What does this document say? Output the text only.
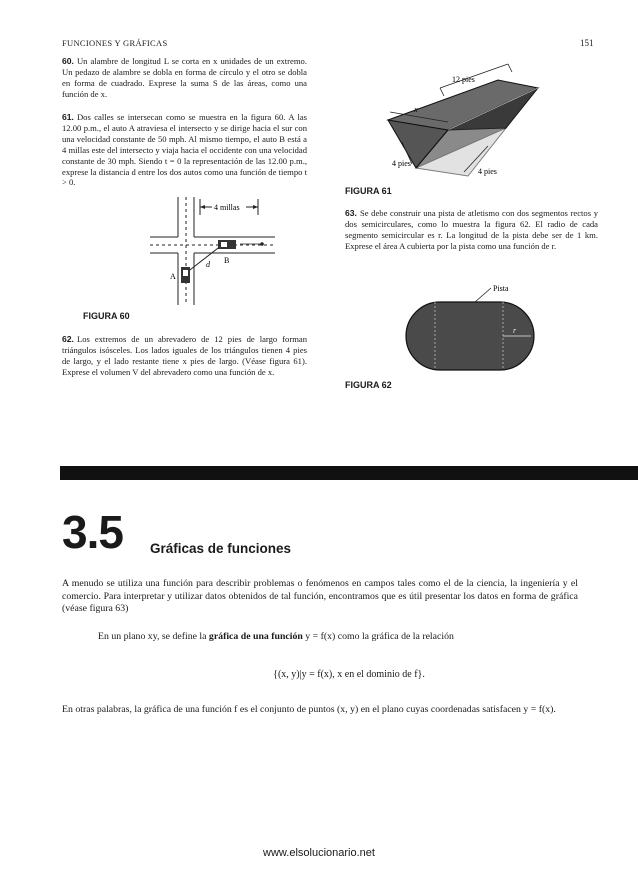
FUNCIONES Y GRÁFICAS	151
60. Un alambre de longitud L se corta en x unidades de un extremo. Un pedazo de alambre se dobla en forma de círculo y el otro se dobla en forma de cuadrado. Exprese la suma S de las áreas, como una función de x.
61. Dos calles se intersecan como se muestra en la figura 60. A las 12.00 p.m., el auto A atraviesa el intersecto y se dirige hacia el sur con una velocidad constante de 50 mph. Al mismo tiempo, el auto B está a 4 millas este del intersecto y viaja hacia el occidente con una velocidad constante de 30 mph. Siendo t = 0 la representación de las 12.00 p.m., exprese la distancia d entre los dos autos como una función de tiempo t > 0.
4 millas
B
A
d
FIGURA 60
62. Los extremos de un abrevadero de 12 pies de largo forman triángulos isósceles. Los lados iguales de los triángulos tienen 4 pies de largo, y el lado restante tiene x pies de largo. (Véase figura 61). Exprese el volumen V del abrevadero como una función de x.
12 pies
x
4 pies
4 pies
FIGURA 61
63. Se debe construir una pista de atletismo con dos segmentos rectos y dos semicirculares, como lo muestra la figura 62. El radio de cada segmento semicircular es r. La longitud de la pista debe ser de 1 km. Exprese el área A cubierta por la pista como una función de r.
r
Pista
FIGURA 62
3.5 Gráficas de funciones
A menudo se utiliza una función para describir problemas o fenómenos en campos tales como el de la ciencia, la ingeniería y el comercio. Para interpretar y utilizar datos obtenidos de tal función, encontramos que es útil presentar los datos en forma de gráfica (véase figura 63)
En un plano xy, se define la gráfica de una función y = f(x) como la gráfica de la relación
{(x, y)|y = f(x), x en el dominio de f}.
En otras palabras, la gráfica de una función f es el conjunto de puntos (x, y) en el plano cuyas coordenadas satisfacen y = f(x).
www.elsolucionario.net
